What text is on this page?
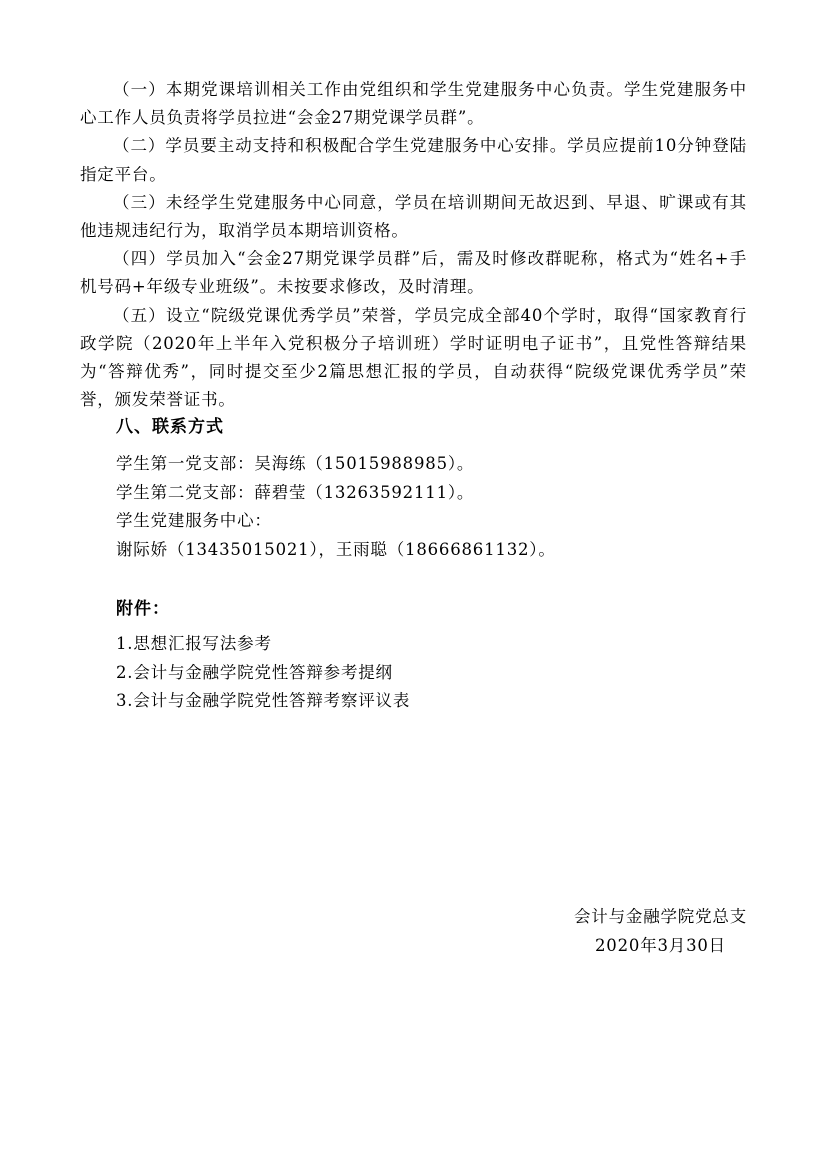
（一）本期党课培训相关工作由党组织和学生党建服务中心负责。学生党建服务中心工作人员负责将学员拉进“会金27期党课学员群”。

（二）学员要主动支持和积极配合学生党建服务中心安排。学员应提前10分钟登陆指定平台。

（三）未经学生党建服务中心同意，学员在培训期间无故迟到、早退、旷课或有其他违规违纪行为，取消学员本期培训资格。

（四）学员加入“会金27期党课学员群”后，需及时修改群昵称，格式为“姓名+手机号码+年级专业班级”。未按要求修改，及时清理。

（五）设立“院级党课优秀学员”荣誉，学员完成全部40个学时，取得“国家教育行政学院（2020年上半年入党积极分子培训班）学时证明电子证书”，且党性答辩结果为“答辩优秀”，同时提交至少2篇思想汇报的学员，自动获得“院级党课优秀学员”荣誉，颁发荣誉证书。

八、联系方式
学生第一党支部：吴海练（15015988985）。
学生第二党支部：薛碧莹（13263592111）。
学生党建服务中心：
谢际娇（13435015021），王雨聪（18666861132）。
附件：
1.思想汇报写法参考
2.会计与金融学院党性答辩参考提纲
3.会计与金融学院党性答辩考察评议表
会计与金融学院党总支
2020年3月30日
